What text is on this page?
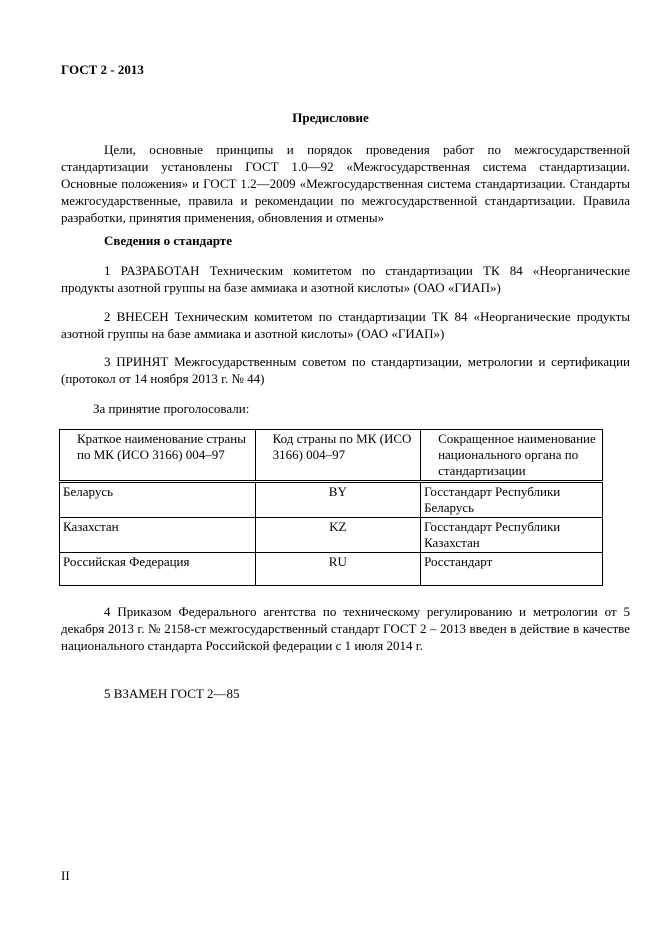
ГОСТ 2 - 2013
Предисловие

Цели, основные принципы и порядок проведения работ по межгосударственной стандартизации установлены ГОСТ 1.0—92 «Межгосударственная система стандартизации. Основные положения» и ГОСТ 1.2—2009 «Межгосударственная система стандартизации. Стандарты межгосударственные, правила и рекомендации по межгосударственной стандартизации. Правила разработки, принятия применения, обновления и отмены»

Сведения о стандарте

1 РАЗРАБОТАН Техническим комитетом по стандартизации ТК 84 «Неорганические продукты азотной группы на базе аммиака и азотной кислоты» (ОАО «ГИАП»)

2 ВНЕСЕН Техническим комитетом по стандартизации ТК 84 «Неорганические продукты азотной группы на базе аммиака и азотной кислоты» (ОАО «ГИАП»)

3 ПРИНЯТ Межгосударственным советом по стандартизации, метрологии и сертификации (протокол от 14 ноября 2013 г. № 44)

За принятие проголосовали:
Краткое наименование страны по МК (ИСО 3166) 004–97	Код страны по МК (ИСО 3166) 004–97	Сокращенное наименование национального органа по стандартизации
Беларусь	BY	Госстандарт Республики Беларусь
Казахстан	KZ	Госстандарт Республики Казахстан
Российская Федерация	RU	Росстандарт

4 Приказом Федерального агентства по техническому регулированию и метрологии от 5 декабря 2013 г. № 2158-ст межгосударственный стандарт ГОСТ 2 – 2013 введен в действие в качестве национального стандарта Российской федерации с 1 июля 2014 г.

5 ВЗАМЕН ГОСТ 2—85
II
